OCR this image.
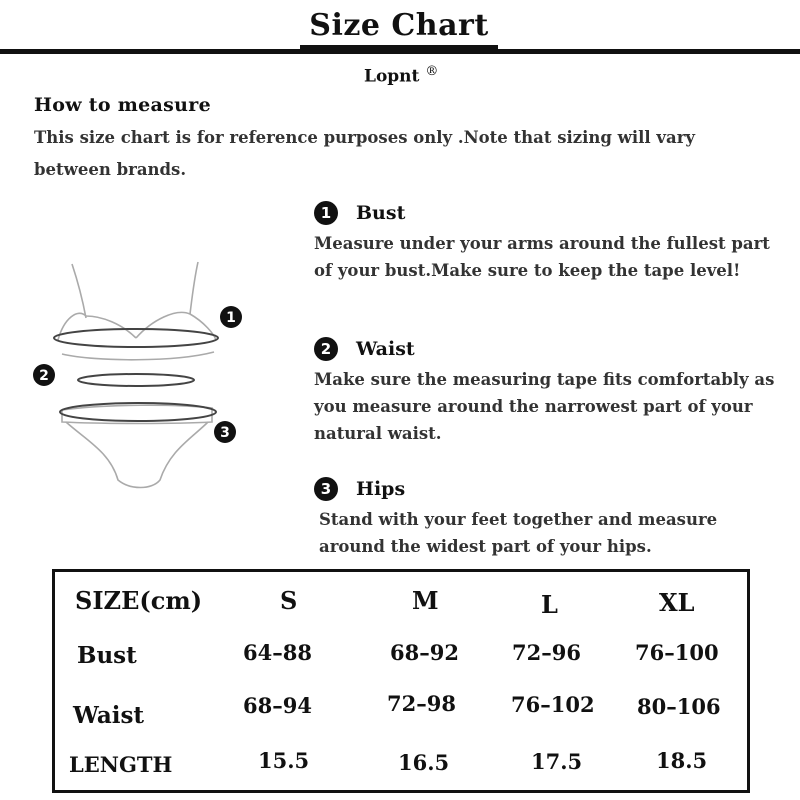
Size Chart
Lopnt ®
How to measure
This size chart is for reference purposes only .Note that sizing will vary between brands.
1
2
3
1	Bust
Measure under your arms around the fullest part of your bust.Make sure to keep the tape level!
2	Waist
Make sure the measuring tape fits comfortably as you measure around the narrowest part of your natural waist.
3	Hips
Stand with your feet together and measure around the widest part of your hips.
SIZE(cm)	S	M	L	XL
Bust	64–88	68–92	72–96	76–100
Waist	68–94	72–98	76–102 80–106
LENGTH	15.5	16.5	17.5	18.5
